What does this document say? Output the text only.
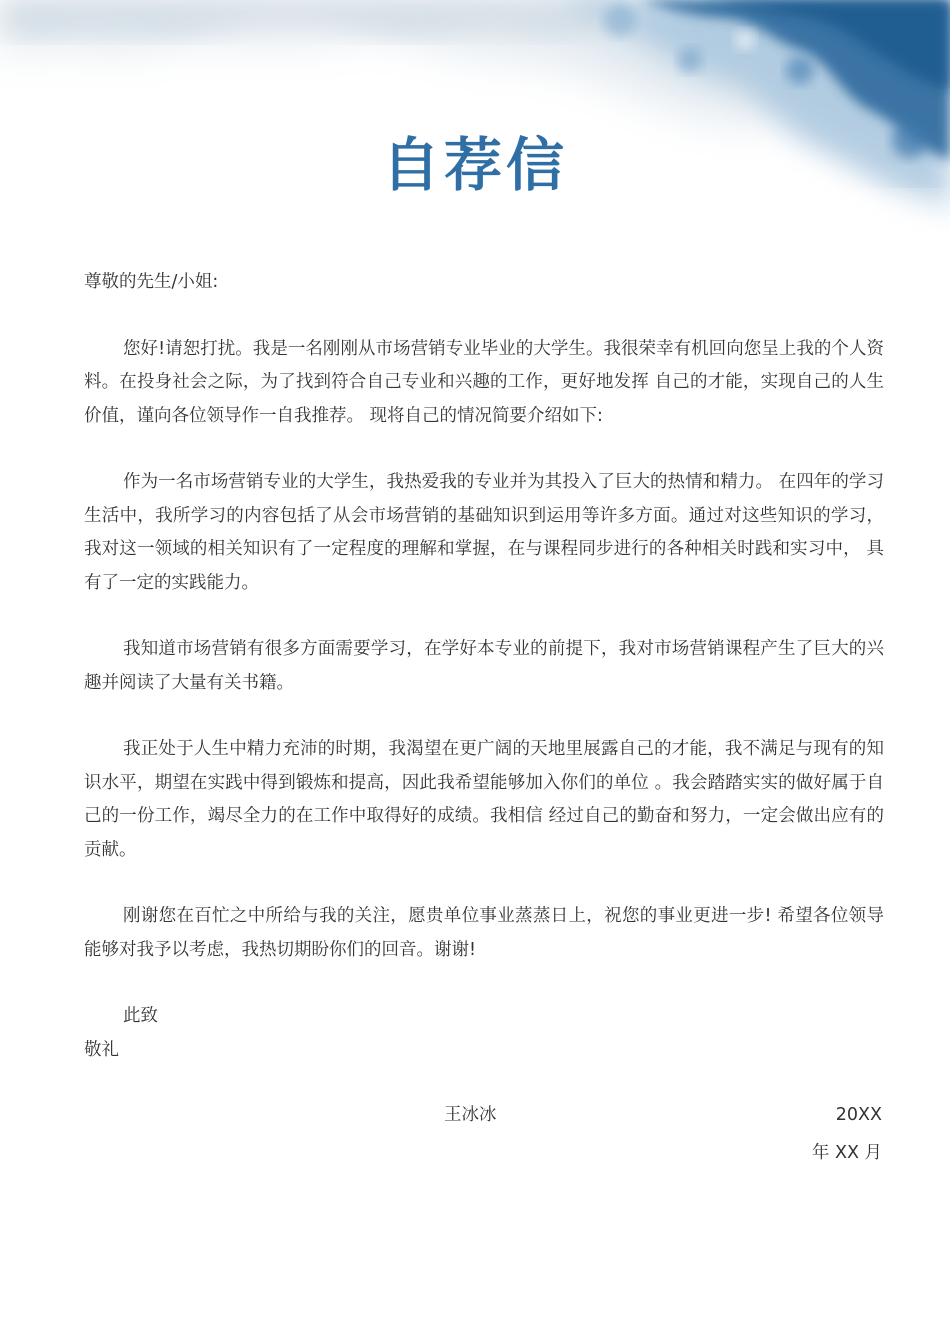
自荐信

尊敬的先生/小姐:

您好!请恕打扰。我是一名刚刚从市场营销专业毕业的大学生。我很荣幸有机回向您呈上我的个人资料。在投身社会之际，为了找到符合自己专业和兴趣的工作，更好地发挥 自己的才能，实现自己的人生价值，谨向各位领导作一自我推荐。 现将自己的情况简要介绍如下:

作为一名市场营销专业的大学生，我热爱我的专业并为其投入了巨大的热情和精力。 在四年的学习生活中，我所学习的内容包括了从会市场营销的基础知识到运用等许多方面。通过对这些知识的学习，我对这一领域的相关知识有了一定程度的理解和掌握，在与课程同步进行的各种相关时践和实习中， 具有了一定的实践能力。

我知道市场营销有很多方面需要学习，在学好本专业的前提下，我对市场营销课程产生了巨大的兴趣并阅读了大量有关书籍。

我正处于人生中精力充沛的时期，我渴望在更广阔的天地里展露自己的才能，我不满足与现有的知识水平，期望在实践中得到锻炼和提高，因此我希望能够加入你们的单位 。我会踏踏实实的做好属于自己的一份工作，竭尽全力的在工作中取得好的成绩。我相信 经过自己的勤奋和努力，一定会做出应有的贡献。

刚谢您在百忙之中所给与我的关注，愿贵单位事业蒸蒸日上，祝您的事业更进一步! 希望各位领导能够对我予以考虑，我热切期盼你们的回音。谢谢!

此致

敬礼

王冰冰	20XX
年 XX 月
